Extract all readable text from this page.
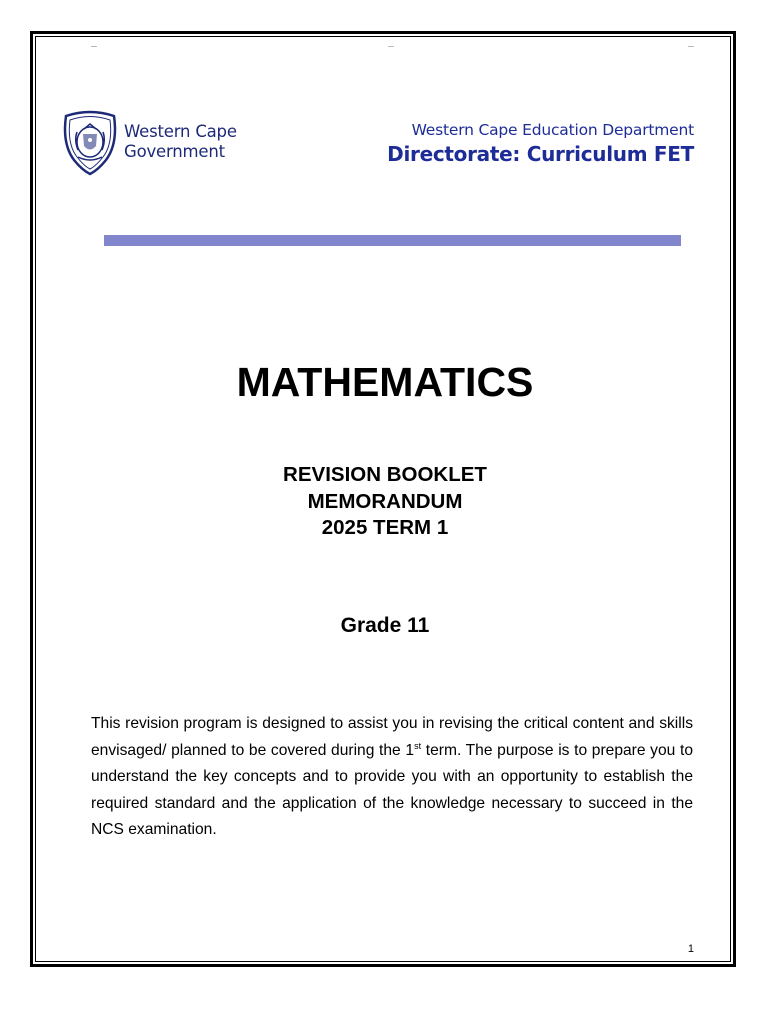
Western Cape
Government
Western Cape Education Department
Directorate: Curriculum FET
MATHEMATICS
REVISION BOOKLET
MEMORANDUM
2025 TERM 1
Grade 11
This revision program is designed to assist you in revising the critical content and skills envisaged/ planned to be covered during the 1st term. The purpose is to prepare you to understand the key concepts and to provide you with an opportunity to establish the required standard and the application of the knowledge necessary to succeed in the NCS examination.
1
